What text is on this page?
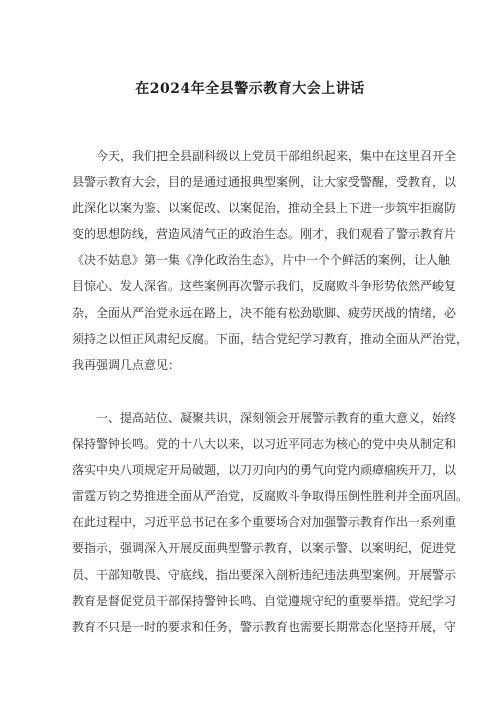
在2024年全县警示教育大会上讲话
今天，我们把全县副科级以上党员干部组织起来，集中在这里召开全
县警示教育大会，目的是通过通报典型案例，让大家受警醒，受教育，以
此深化以案为鉴、以案促改、以案促治，推动全县上下进一步筑牢拒腐防
变的思想防线，营造风清气正的政治生态。刚才，我们观看了警示教育片
《决不姑息》第一集《净化政治生态》，片中一个个鲜活的案例，让人触
目惊心、发人深省。这些案例再次警示我们，反腐败斗争形势依然严峻复
杂，全面从严治党永远在路上，决不能有松劲歇脚、疲劳厌战的情绪，必
须持之以恒正风肃纪反腐。下面，结合党纪学习教育，推动全面从严治党，
我再强调几点意见：
一、提高站位、凝聚共识，深刻领会开展警示教育的重大意义，始终
保持警钟长鸣。党的十八大以来，以习近平同志为核心的党中央从制定和
落实中央八项规定开局破题，以刀刃向内的勇气向党内顽瘴痼疾开刀，以
雷霆万钧之势推进全面从严治党，反腐败斗争取得压倒性胜利并全面巩固。
在此过程中，习近平总书记在多个重要场合对加强警示教育作出一系列重
要指示，强调深入开展反面典型警示教育，以案示警、以案明纪，促进党
员、干部知敬畏、守底线，指出要深入剖析违纪违法典型案例。开展警示
教育是督促党员干部保持警钟长鸣、自觉遵规守纪的重要举措。党纪学习
教育不只是一时的要求和任务，警示教育也需要长期常态化坚持开展，守
